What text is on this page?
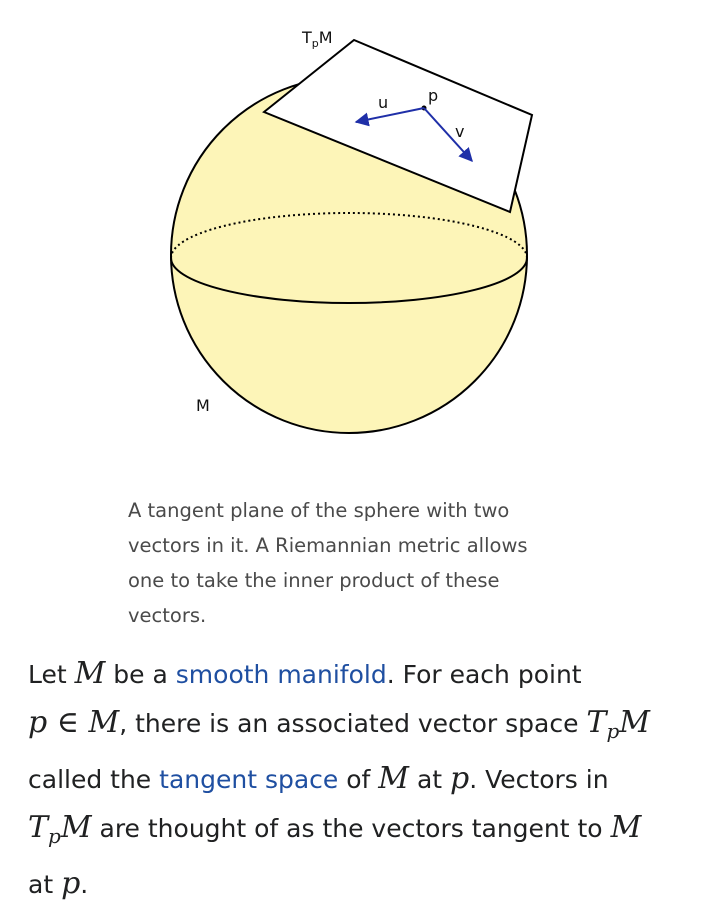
$T_pM$
p
u
v
M
A tangent plane of the sphere with two vectors in it. A Riemannian metric allows one to take the inner product of these vectors.
Let M be a smooth manifold. For each point
p ∈ M, there is an associated vector space $T_pM$
called the tangent space of M at p. Vectors in
$T_pM$ are thought of as the vectors tangent to M
at p.
